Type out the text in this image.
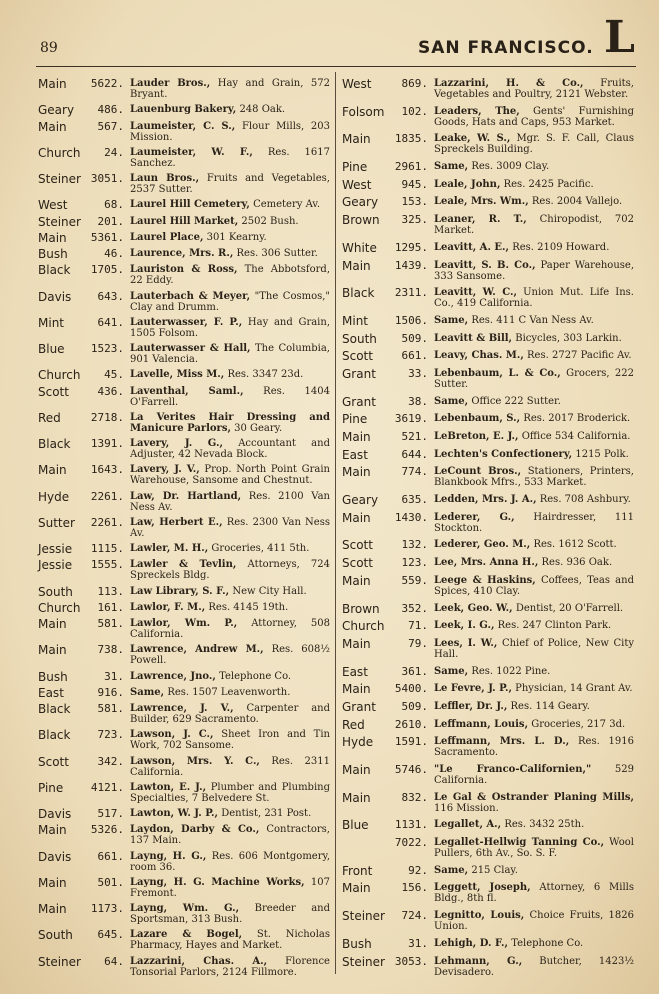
89	SAN FRANCISCO. L
Main	5622. Lauder Bros., Hay and Grain, 572 Bryant.
Geary	486. Lauenburg Bakery, 248 Oak.
Main	567. Laumeister, C. S., Flour Mills, 203 Mission.
Church	24. Laumeister, W. F., Res. 1617 Sanchez.
Steiner 3051. Laun Bros., Fruits and Vegetables, 2537 Sutter.
West	68. Laurel Hill Cemetery, Cemetery Av.
Steiner	201. Laurel Hill Market, 2502 Bush.
Main	5361. Laurel Place, 301 Kearny.
Bush	46. Laurence, Mrs. R., Res. 306 Sutter.
Black	1705. Lauriston & Ross, The Abbotsford, 22 Eddy.
Davis	643. Lauterbach & Meyer, "The Cosmos," Clay and Drumm.
Mint	641. Lauterwasser, F. P., Hay and Grain, 1505 Folsom.
Blue	1523. Lauterwasser & Hall, The Columbia, 901 Valencia.
Church	45. Lavelle, Miss M., Res. 3347 23d.
Scott	436. Laventhal, Saml., Res. 1404 O'Farrell.
Red	2718. La Verites Hair Dressing and Manicure Parlors, 30 Geary.
Black	1391. Lavery, J. G., Accountant and Adjuster, 42 Nevada Block.
Main	1643. Lavery, J. V., Prop. North Point Grain Warehouse, Sansome and Chestnut.
Hyde	2261. Law, Dr. Hartland, Res. 2100 Van Ness Av.
Sutter	2261. Law, Herbert E., Res. 2300 Van Ness Av.
Jessie	1115. Lawler, M. H., Groceries, 411 5th.
Jessie	1555. Lawler & Tevlin, Attorneys, 724 Spreckels Bldg.
South	113. Law Library, S. F., New City Hall.
Church	161. Lawlor, F. M., Res. 4145 19th.
Main	581. Lawlor, Wm. P., Attorney, 508 California.
Main	738. Lawrence, Andrew M., Res. 608½ Powell.
Bush	31. Lawrence, Jno., Telephone Co.
East	916. Same, Res. 1507 Leavenworth.
Black	581. Lawrence, J. V., Carpenter and Builder, 629 Sacramento.
Black	723. Lawson, J. C., Sheet Iron and Tin Work, 702 Sansome.
Scott	342. Lawson, Mrs. Y. C., Res. 2311 California.
Pine	4121. Lawton, E. J., Plumber and Plumbing Specialties, 7 Belvedere St.
Davis	517. Lawton, W. J. P., Dentist, 231 Post.
Main	5326. Laydon, Darby & Co., Contractors, 137 Main.
Davis	661. Layng, H. G., Res. 606 Montgomery, room 36.
Main	501. Layng, H. G. Machine Works, 107 Fremont.
Main	1173. Layng, Wm. G., Breeder and Sportsman, 313 Bush.
South	645. Lazare & Bogel, St. Nicholas Pharmacy, Hayes and Market.
Steiner	64. Lazzarini, Chas. A., Florence Tonsorial Parlors, 2124 Fillmore.
West	869. Lazzarini, H. & Co., Fruits, Vegetables and Poultry, 2121 Webster.
Folsom	102. Leaders, The, Gents' Furnishing Goods, Hats and Caps, 953 Market.
Main	1835. Leake, W. S., Mgr. S. F. Call, Claus Spreckels Building.
Pine	2961. Same, Res. 3009 Clay.
West	945. Leale, John, Res. 2425 Pacific.
Geary	153. Leale, Mrs. Wm., Res. 2004 Vallejo.
Brown	325. Leaner, R. T., Chiropodist, 702 Market.
White	1295. Leavitt, A. E., Res. 2109 Howard.
Main	1439. Leavitt, S. B. Co., Paper Warehouse, 333 Sansome.
Black	2311. Leavitt, W. C., Union Mut. Life Ins. Co., 419 California.
Mint	1506. Same, Res. 411 C Van Ness Av.
South	509. Leavitt & Bill, Bicycles, 303 Larkin.
Scott	661. Leavy, Chas. M., Res. 2727 Pacific Av.
Grant	33. Lebenbaum, L. & Co., Grocers, 222 Sutter.
Grant	38. Same, Office 222 Sutter.
Pine	3619. Lebenbaum, S., Res. 2017 Broderick.
Main	521. LeBreton, E. J., Office 534 California.
East	644. Lechten's Confectionery, 1215 Polk.
Main	774. LeCount Bros., Stationers, Printers, Blankbook Mfrs., 533 Market.
Geary	635. Ledden, Mrs. J. A., Res. 708 Ashbury.
Main	1430. Lederer, G., Hairdresser, 111 Stockton.
Scott	132. Lederer, Geo. M., Res. 1612 Scott.
Scott	123. Lee, Mrs. Anna H., Res. 936 Oak.
Main	559. Leege & Haskins, Coffees, Teas and Spices, 410 Clay.
Brown	352. Leek, Geo. W., Dentist, 20 O'Farrell.
Church	71. Leek, I. G., Res. 247 Clinton Park.
Main	79. Lees, I. W., Chief of Police, New City Hall.
East	361. Same, Res. 1022 Pine.
Main	5400. Le Fevre, J. P., Physician, 14 Grant Av.
Grant	509. Leffler, Dr. J., Res. 114 Geary.
Red	2610. Leffmann, Louis, Groceries, 217 3d.
Hyde	1591. Leffmann, Mrs. L. D., Res. 1916 Sacramento.
Main	5746. "Le Franco-Californien," 529 California.
Main	832. Le Gal & Ostrander Planing Mills, 116 Mission.
Blue	1131. Legallet, A., Res. 3432 25th.
7022. Legallet-Hellwig Tanning Co., Wool Pullers, 6th Av., So. S. F.
Front	92. Same, 215 Clay.
Main	156. Leggett, Joseph, Attorney, 6 Mills Bldg., 8th fl.
Steiner	724. Legnitto, Louis, Choice Fruits, 1826 Union.
Bush	31. Lehigh, D. F., Telephone Co.
Steiner 3053. Lehmann, G., Butcher, 1423½ Devisadero.
